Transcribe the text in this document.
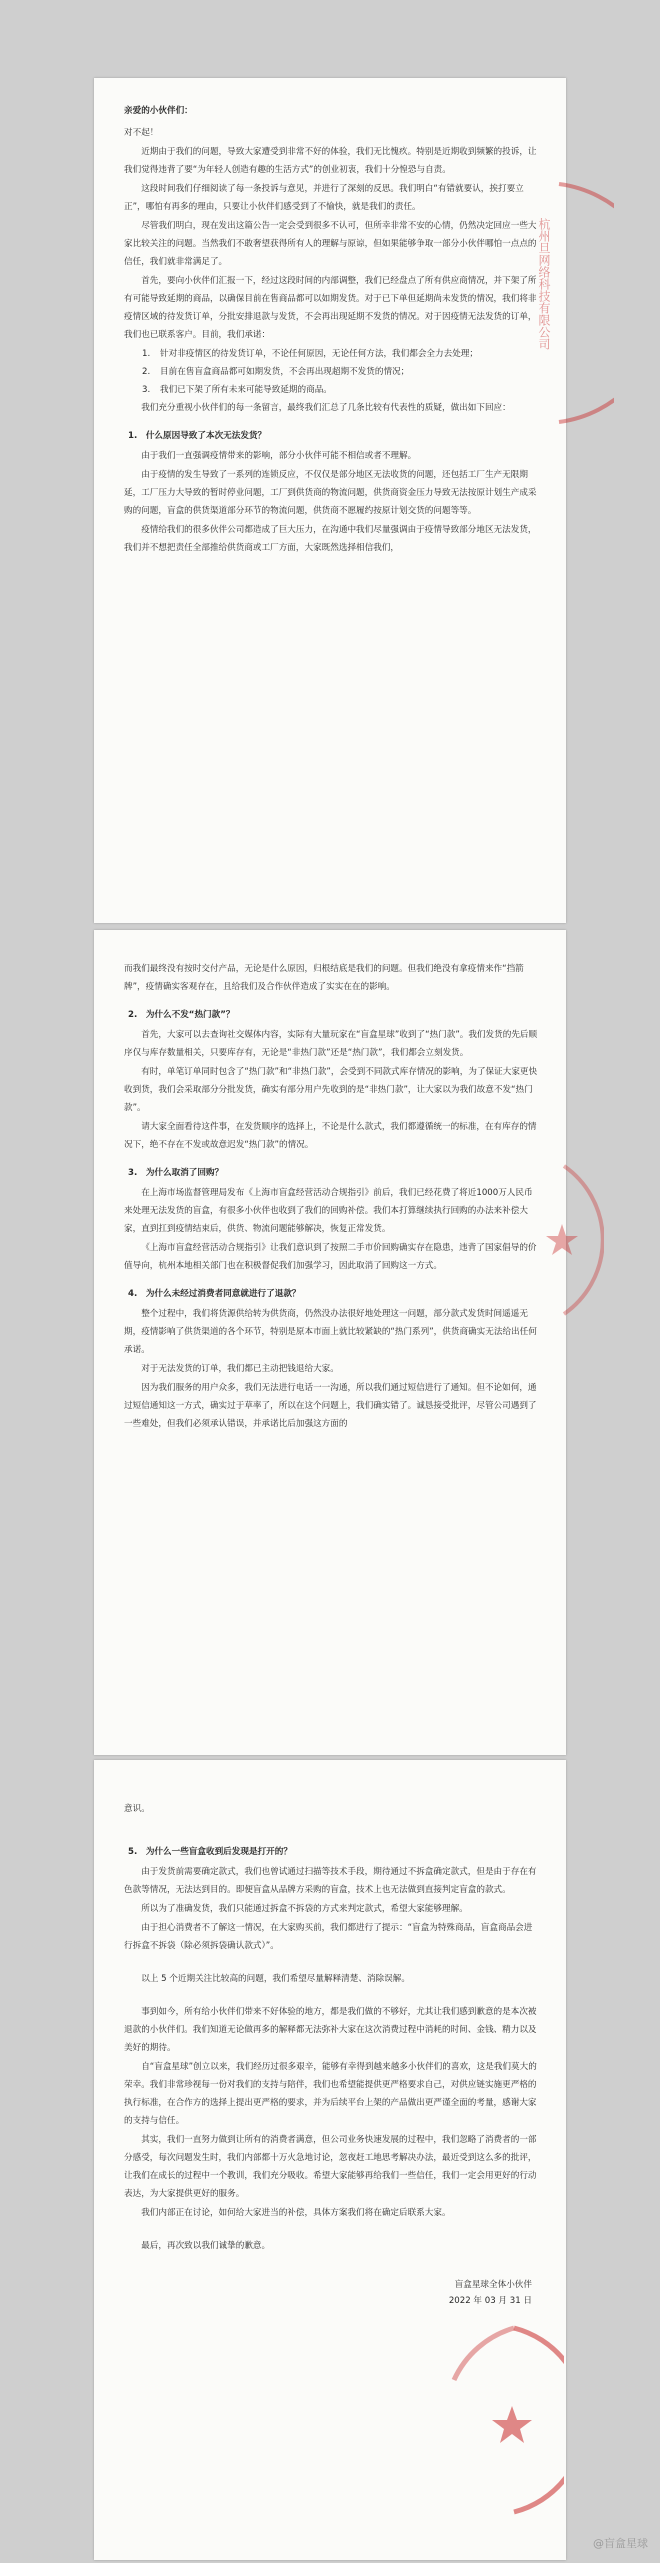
亲爱的小伙伴们：

对不起！

近期由于我们的问题，导致大家遭受到非常不好的体验，我们无比愧疚。特别是近期收到频繁的投诉，让我们觉得违背了要“为年轻人创造有趣的生活方式”的创业初衷，我们十分惶恐与自责。

这段时间我们仔细阅读了每一条投诉与意见，并进行了深刻的反思。我们明白“有错就要认，挨打要立正”，哪怕有再多的理由，只要让小伙伴们感受到了不愉快，就是我们的责任。

尽管我们明白，现在发出这篇公告一定会受到很多不认可，但所幸非常不安的心情，仍然决定回应一些大家比较关注的问题。当然我们不敢奢望获得所有人的理解与原谅，但如果能够争取一部分小伙伴哪怕一点点的信任，我们就非常满足了。

首先，要向小伙伴们汇报一下，经过这段时间的内部调整，我们已经盘点了所有供应商情况，并下架了所有可能导致延期的商品，以确保目前在售商品都可以如期发货。对于已下单但延期尚未发货的情况，我们将非疫情区域的待发货订单，分批安排退款与发货，不会再出现延期不发货的情况。对于因疫情无法发货的订单，我们也已联系客户。目前，我们承诺：

1. 针对非疫情区的待发货订单，不论任何原因，无论任何方法，我们都会全力去处理；
2. 目前在售盲盒商品都可如期发货，不会再出现超期不发货的情况；
3. 我们已下架了所有未来可能导致延期的商品。

我们充分重视小伙伴们的每一条留言，最终我们汇总了几条比较有代表性的质疑，做出如下回应：

1.　什么原因导致了本次无法发货？

由于我们一直强调疫情带来的影响，部分小伙伴可能不相信或者不理解。

由于疫情的发生导致了一系列的连锁反应，不仅仅是部分地区无法收货的问题，还包括工厂生产无限期延，工厂压力大导致的暂时停业问题，工厂到供货商的物流问题，供货商资金压力导致无法按原计划生产成采购的问题，盲盒的供货渠道部分环节的物流问题，供货商不愿履约按原计划交货的问题等等。

疫情给我们的很多伙伴公司都造成了巨大压力，在沟通中我们尽量强调由于疫情导致部分地区无法发货，我们并不想把责任全部推给供货商或工厂方面，大家既然选择相信我们，

杭州旦网络科技有限公司

而我们最终没有按时交付产品，无论是什么原因，归根结底是我们的问题。但我们绝没有拿疫情来作“挡箭牌”，疫情确实客观存在，且给我们及合作伙伴造成了实实在在的影响。

2.　为什么不发“热门款”？

首先，大家可以去查询社交媒体内容，实际有大量玩家在“盲盒星球”收到了“热门款”。我们发货的先后顺序仅与库存数量相关，只要库存有，无论是“非热门款”还是“热门款”，我们都会立刻发货。

有时，单笔订单同时包含了“热门款”和“非热门款”，会受到不同款式库存情况的影响，为了保证大家更快收到货，我们会采取部分分批发货，确实有部分用户先收到的是“非热门款”，让大家以为我们故意不发“热门款”。

请大家全面看待这件事，在发货顺序的选择上，不论是什么款式，我们都遵循统一的标准，在有库存的情况下，绝不存在不发或故意迟发“热门款”的情况。

3.　为什么取消了回购？

在上海市场监督管理局发布《上海市盲盒经营活动合规指引》前后，我们已经花费了将近1000万人民币来处理无法发货的盲盒，有很多小伙伴也收到了我们的回购补偿。我们本打算继续执行回购的办法来补偿大家，直到扛到疫情结束后，供货、物流问题能够解决，恢复正常发货。

《上海市盲盒经营活动合规指引》让我们意识到了按照二手市价回购确实存在隐患，违背了国家倡导的价值导向，杭州本地相关部门也在积极督促我们加强学习，因此取消了回购这一方式。

4.　为什么未经过消费者同意就进行了退款？

整个过程中，我们将货源供给转为供货商，仍然没办法很好地处理这一问题，部分款式发货时间遥遥无期，疫情影响了供货渠道的各个环节，特别是原本市面上就比较紧缺的“热门系列”，供货商确实无法给出任何承诺。

对于无法发货的订单，我们都已主动把钱退给大家。

因为我们服务的用户众多，我们无法进行电话一一沟通，所以我们通过短信进行了通知。但不论如何，通过短信通知这一方式，确实过于草率了，所以在这个问题上，我们确实错了。诚恳接受批评，尽管公司遇到了一些难处，但我们必须承认错误，并承诺比后加强这方面的

意识。

5.　为什么一些盲盒收到后发现是打开的？

由于发货前需要确定款式，我们也曾试通过扫描等技术手段，期待通过不拆盒确定款式，但是由于存在有色款等情况，无法达到目的。即便盲盒从品牌方采购的盲盒，技术上也无法做到直接判定盲盒的款式。

所以为了准确发货，我们只能通过拆盒不拆袋的方式来判定款式，希望大家能够理解。

由于担心消费者不了解这一情况，在大家购买前，我们都进行了提示：“盲盒为特殊商品，盲盒商品会进行拆盒不拆袋（除必须拆袋确认款式）”。

以上 5 个近期关注比较高的问题，我们希望尽量解释清楚、消除误解。

事到如今，所有给小伙伴们带来不好体验的地方，都是我们做的不够好，尤其让我们感到歉意的是本次被退款的小伙伴们。我们知道无论做再多的解释都无法弥补大家在这次消费过程中消耗的时间、金钱、精力以及美好的期待。

自“盲盒星球”创立以来，我们经历过很多艰辛，能够有幸得到越来越多小伙伴们的喜欢，这是我们莫大的荣幸。我们非常珍视每一份对我们的支持与陪伴，我们也希望能提供更严格要求自己，对供应链实施更严格的执行标准，在合作方的选择上提出更严格的要求，并为后续平台上架的产品做出更严谨全面的考量，感谢大家的支持与信任。

其实，我们一直努力做到让所有的消费者满意，但公司业务快速发展的过程中，我们忽略了消费者的一部分感受，每次问题发生时，我们内部都十万火急地讨论，忽夜赶工地思考解决办法，最近受到这么多的批评，让我们在成长的过程中一个教训，我们充分吸收。希望大家能够再给我们一些信任，我们一定会用更好的行动表达，为大家提供更好的服务。

我们内部正在讨论，如何给大家进当的补偿，具体方案我们将在确定后联系大家。

最后，再次致以我们诚挚的歉意。

盲盒星球全体小伙伴
2022 年 03 月 31 日
@盲盒星球
